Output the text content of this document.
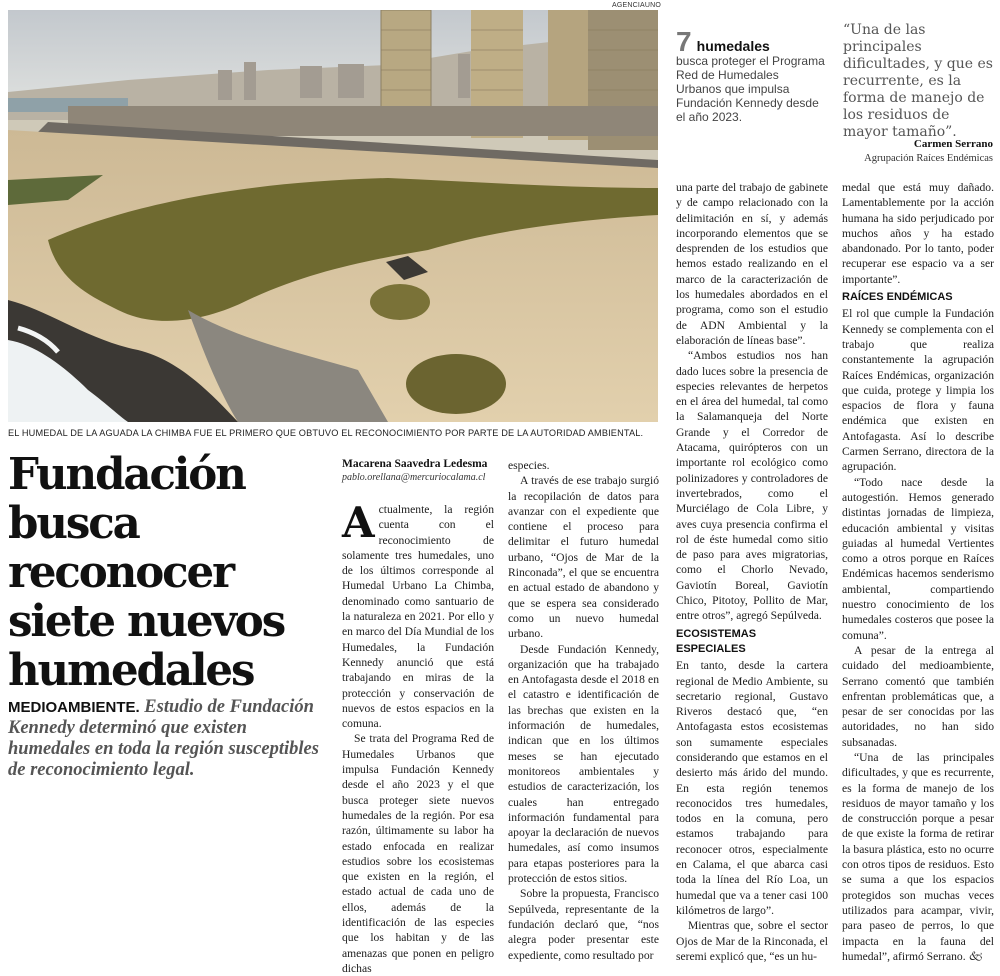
AGENCIAUNO
EL HUMEDAL DE LA AGUADA LA CHIMBA FUE EL PRIMERO QUE OBTUVO EL RECONOCIMIENTO POR PARTE DE LA AUTORIDAD AMBIENTAL.
7 humedales
busca proteger el Programa Red de Humedales Urbanos que impulsa Fundación Kennedy desde el año 2023.
“Una de las principales dificultades, y que es recurrente, es la forma de manejo de los residuos de mayor tamaño”.
Carmen Serrano
Agrupación Raíces Endémicas
Fundación busca reconocer siete nuevos humedales
MEDIOAMBIENTE. Estudio de Fundación Kennedy determinó que existen humedales en toda la región susceptibles de reconocimiento legal.
Macarena Saavedra Ledesma
pablo.orellana@mercuriocalama.cl
A ctualmente, la región cuenta con el reconocimiento de solamente tres humedales, uno de los últimos corresponde al Humedal Urbano La Chimba, denominado como santuario de la naturaleza en 2021. Por ello y en marco del Día Mundial de los Humedales, la Fundación Kennedy anunció que está trabajando en miras de la protección y conservación de nuevos de estos espacios en la comuna.

Se trata del Programa Red de Humedales Urbanos que impulsa Fundación Kennedy desde el año 2023 y el que busca proteger siete nuevos humedales de la región. Por esa razón, últimamente su labor ha estado enfocada en realizar estudios sobre los ecosistemas que existen en la región, el estado actual de cada uno de ellos, además de la identificación de las especies que los habitan y de las amenazas que ponen en peligro dichas

especies.

A través de ese trabajo surgió la recopilación de datos para avanzar con el expediente que contiene el proceso para delimitar el futuro humedal urbano, “Ojos de Mar de la Rinconada”, el que se encuentra en actual estado de abandono y que se espera sea considerado como un nuevo humedal urbano.

Desde Fundación Kennedy, organización que ha trabajado en Antofagasta desde el 2018 en el catastro e identificación de las brechas que existen en la información de humedales, indican que en los últimos meses se han ejecutado monitoreos ambientales y estudios de caracterización, los cuales han entregado información fundamental para apoyar la declaración de nuevos humedales, así como insumos para etapas posteriores para la protección de estos sitios.

Sobre la propuesta, Francisco Sepúlveda, representante de la fundación declaró que, “nos alegra poder presentar este expediente, como resultado por

una parte del trabajo de gabinete y de campo relacionado con la delimitación en sí, y además incorporando elementos que se desprenden de los estudios que hemos estado realizando en el marco de la caracterización de los humedales abordados en el programa, como son el estudio de ADN Ambiental y la elaboración de líneas base”.

“Ambos estudios nos han dado luces sobre la presencia de especies relevantes de herpetos en el área del humedal, tal como la Salamanqueja del Norte Grande y el Corredor de Atacama, quirópteros con un importante rol ecológico como polinizadores y controladores de invertebrados, como el Murciélago de Cola Libre, y aves cuya presencia confirma el rol de éste humedal como sitio de paso para aves migratorias, como el Chorlo Nevado, Gaviotín Boreal, Gaviotín Chico, Pitotoy, Pollito de Mar, entre otros”, agregó Sepúlveda.

ECOSISTEMAS ESPECIALES

En tanto, desde la cartera regional de Medio Ambiente, su secretario regional, Gustavo Riveros destacó que, “en Antofagasta estos ecosistemas son sumamente especiales considerando que estamos en el desierto más árido del mundo. En esta región tenemos reconocidos tres humedales, todos en la comuna, pero estamos trabajando para reconocer otros, especialmente en Calama, el que abarca casi toda la línea del Río Loa, un humedal que va a tener casi 100 kilómetros de largo”.

Mientras que, sobre el sector Ojos de Mar de la Rinconada, el seremi explicó que, “es un hu-

medal que está muy dañado. Lamentablemente por la acción humana ha sido perjudicado por muchos años y ha estado abandonado. Por lo tanto, poder recuperar ese espacio va a ser importante”.

RAÍCES ENDÉMICAS

El rol que cumple la Fundación Kennedy se complementa con el trabajo que realiza constantemente la agrupación Raíces Endémicas, organización que cuida, protege y limpia los espacios de flora y fauna endémica que existen en Antofagasta. Así lo describe Carmen Serrano, directora de la agrupación.

“Todo nace desde la autogestión. Hemos generado distintas jornadas de limpieza, educación ambiental y visitas guiadas al humedal Vertientes como a otros porque en Raíces Endémicas hacemos senderismo ambiental, compartiendo nuestro conocimiento de los humedales costeros que posee la comuna”.

A pesar de la entrega al cuidado del medioambiente, Serrano comentó que también enfrentan problemáticas que, a pesar de ser conocidas por las autoridades, no han sido subsanadas.

“Una de las principales dificultades, y que es recurrente, es la forma de manejo de los residuos de mayor tamaño y los de construcción porque a pesar de que existe la forma de retirar la basura plástica, esto no ocurre con otros tipos de residuos. Esto se suma a que los espacios protegidos son muchas veces utilizados para acampar, vivir, para paseo de perros, lo que impacta en la fauna del humedal”, afirmó Serrano. 🙵
